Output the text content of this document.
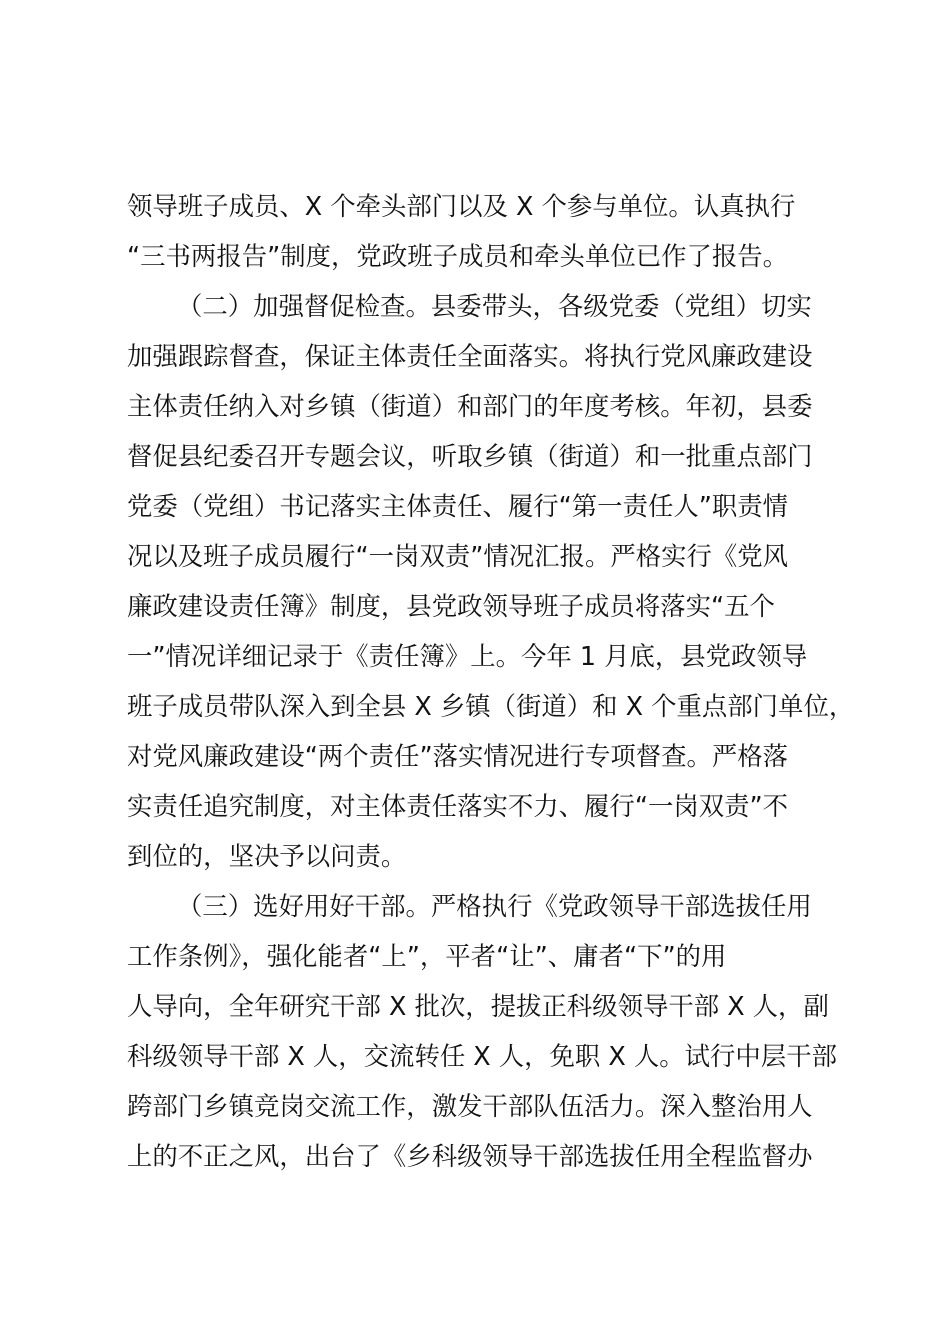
领导班子成员、X 个牵头部门以及 X 个参与单位。认真执行
“三书两报告”制度，党政班子成员和牵头单位已作了报告。
（二）加强督促检查。县委带头，各级党委（党组）切实
加强跟踪督查，保证主体责任全面落实。将执行党风廉政建设
主体责任纳入对乡镇（街道）和部门的年度考核。年初，县委
督促县纪委召开专题会议，听取乡镇（街道）和一批重点部门
党委（党组）书记落实主体责任、履行“第一责任人”职责情
况以及班子成员履行“一岗双责”情况汇报。严格实行《党风
廉政建设责任簿》制度，县党政领导班子成员将落实“五个
一”情况详细记录于《责任簿》上。今年 1 月底，县党政领导
班子成员带队深入到全县 X 乡镇（街道）和 X 个重点部门单位，
对党风廉政建设“两个责任”落实情况进行专项督查。严格落
实责任追究制度，对主体责任落实不力、履行“一岗双责”不
到位的，坚决予以问责。
（三）选好用好干部。严格执行《党政领导干部选拔任用
工作条例》，强化能者“上”，平者“让”、庸者“下”的用
人导向，全年研究干部 X 批次，提拔正科级领导干部 X 人，副
科级领导干部 X 人，交流转任 X 人，免职 X 人。试行中层干部
跨部门乡镇竞岗交流工作，激发干部队伍活力。深入整治用人
上的不正之风，出台了《乡科级领导干部选拔任用全程监督办
